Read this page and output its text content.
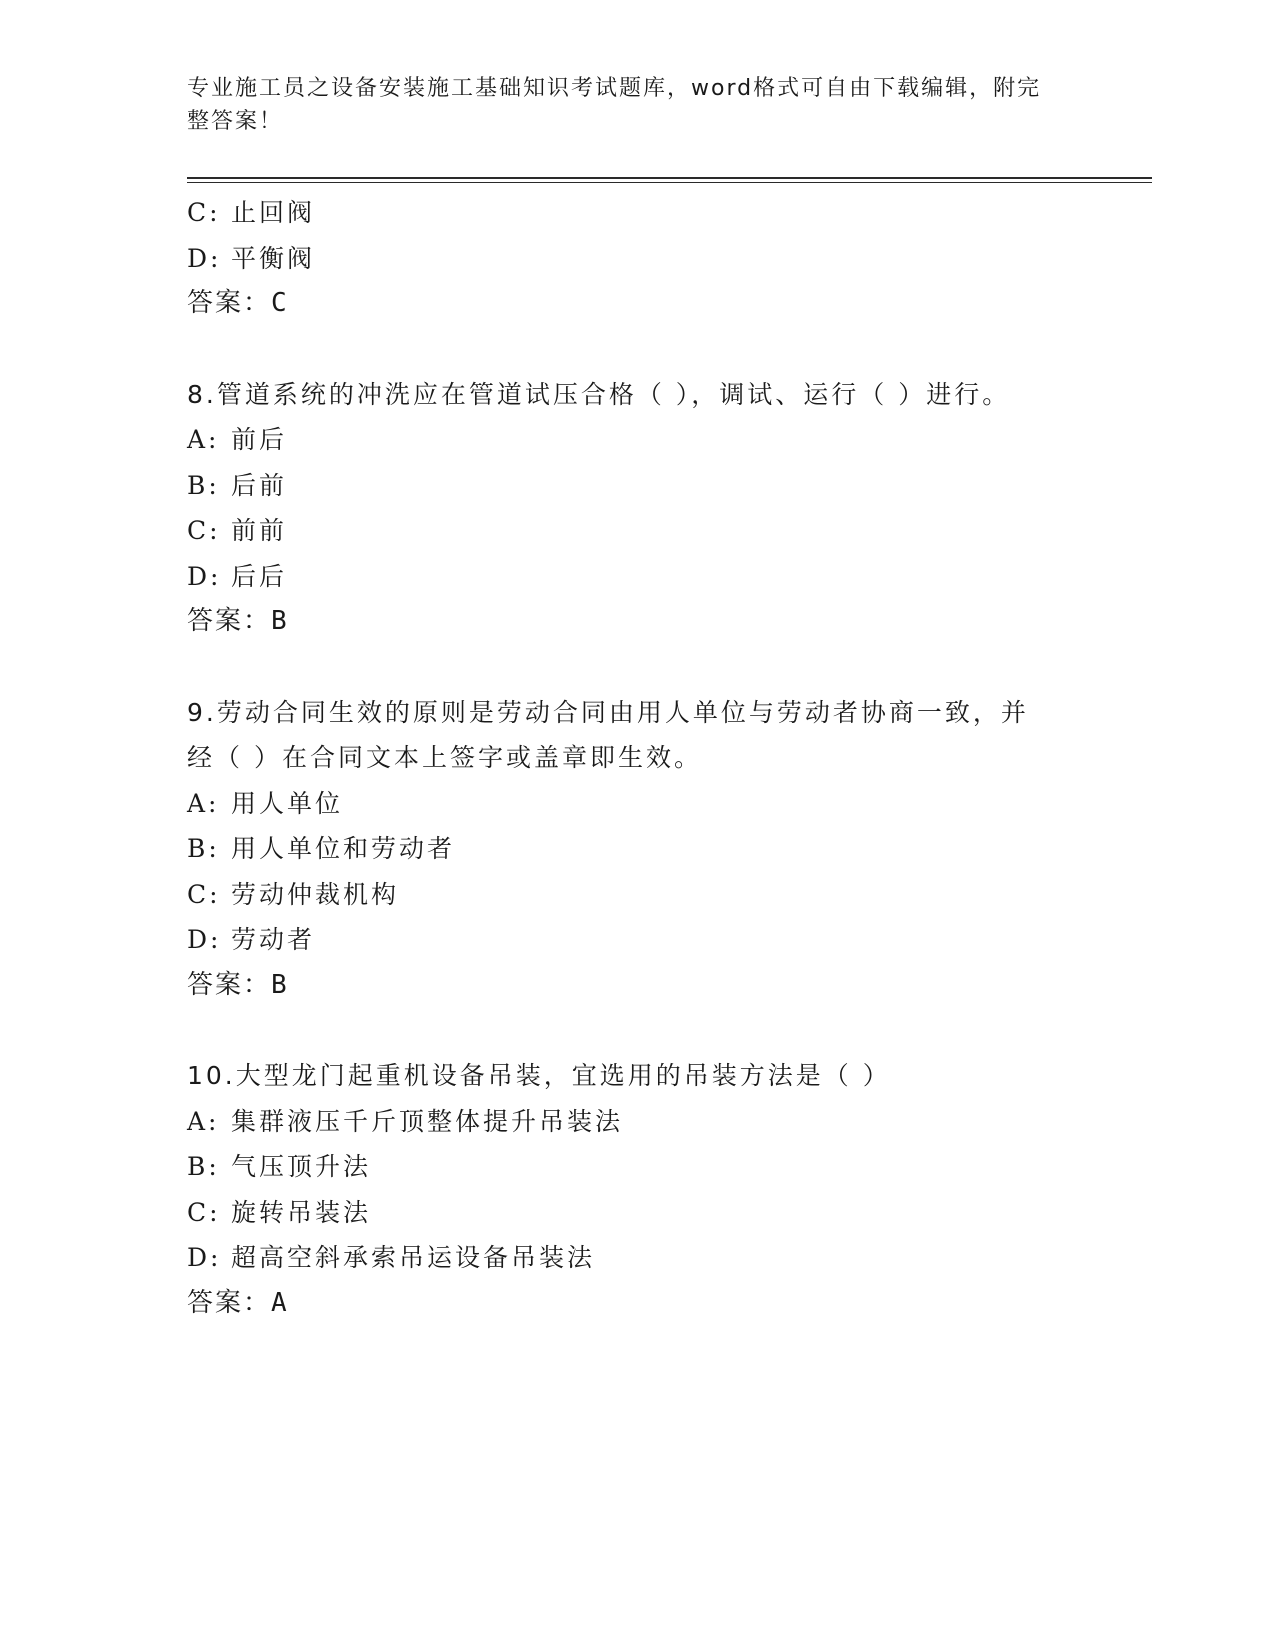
专业施工员之设备安装施工基础知识考试题库，word格式可自由下载编辑，附完
整答案！
C: 止回阀
D: 平衡阀
答案：C
8.管道系统的冲洗应在管道试压合格（ ），调试、运行（ ）进行。
A: 前后
B: 后前
C: 前前
D: 后后
答案：B
9.劳动合同生效的原则是劳动合同由用人单位与劳动者协商一致，并
经（ ）在合同文本上签字或盖章即生效。
A: 用人单位
B: 用人单位和劳动者
C: 劳动仲裁机构
D: 劳动者
答案：B
10.大型龙门起重机设备吊装，宜选用的吊装方法是（ ）
A: 集群液压千斤顶整体提升吊装法
B: 气压顶升法
C: 旋转吊装法
D: 超高空斜承索吊运设备吊装法
答案：A
